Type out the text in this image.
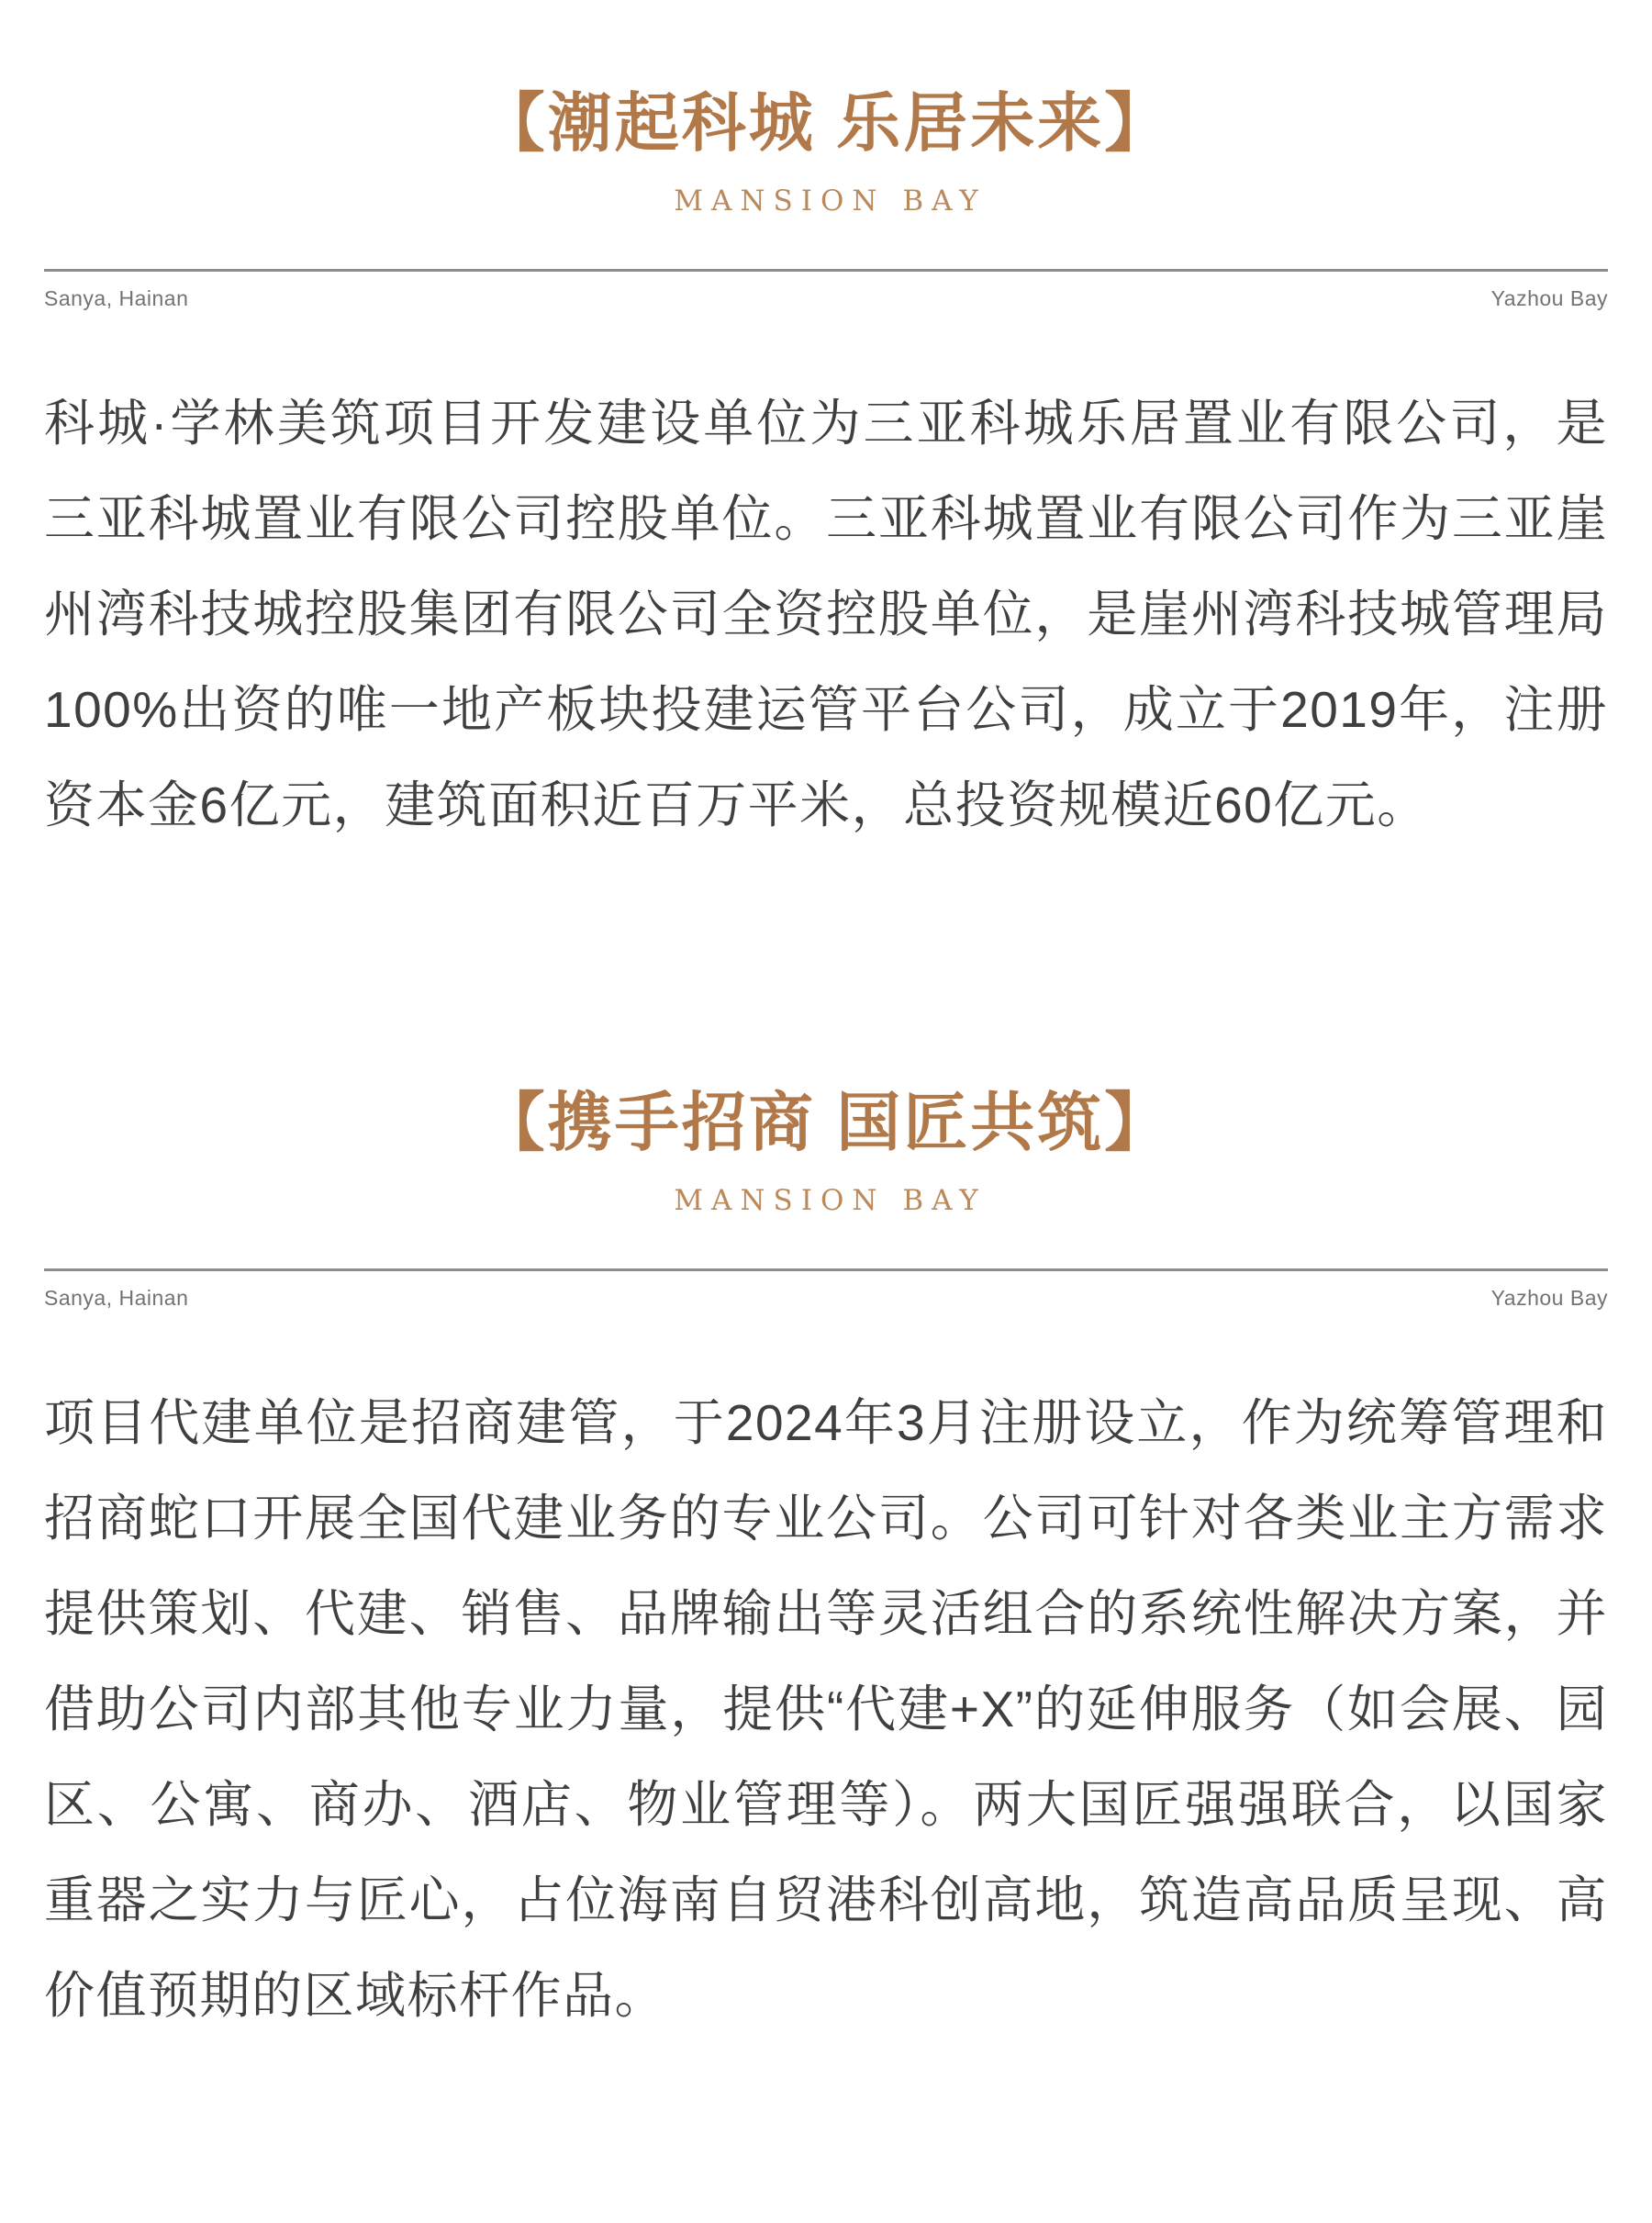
【潮起科城 乐居未来】
MANSION BAY
Sanya, Hainan	Yazhou Bay
科城·学林美筑项目开发建设单位为三亚科城乐居置业有限公司，是三亚科城置业有限公司控股单位。三亚科城置业有限公司作为三亚崖州湾科技城控股集团有限公司全资控股单位，是崖州湾科技城管理局100%出资的唯一地产板块投建运管平台公司，成立于2019年，注册资本金6亿元，建筑面积近百万平米，总投资规模近60亿元。
【携手招商 国匠共筑】
MANSION BAY
Sanya, Hainan	Yazhou Bay
项目代建单位是招商建管，于2024年3月注册设立，作为统筹管理和招商蛇口开展全国代建业务的专业公司。公司可针对各类业主方需求提供策划、代建、销售、品牌输出等灵活组合的系统性解决方案，并借助公司内部其他专业力量，提供“代建+X”的延伸服务（如会展、园区、公寓、商办、酒店、物业管理等）。两大国匠强强联合，以国家重器之实力与匠心，占位海南自贸港科创高地，筑造高品质呈现、高价值预期的区域标杆作品。
